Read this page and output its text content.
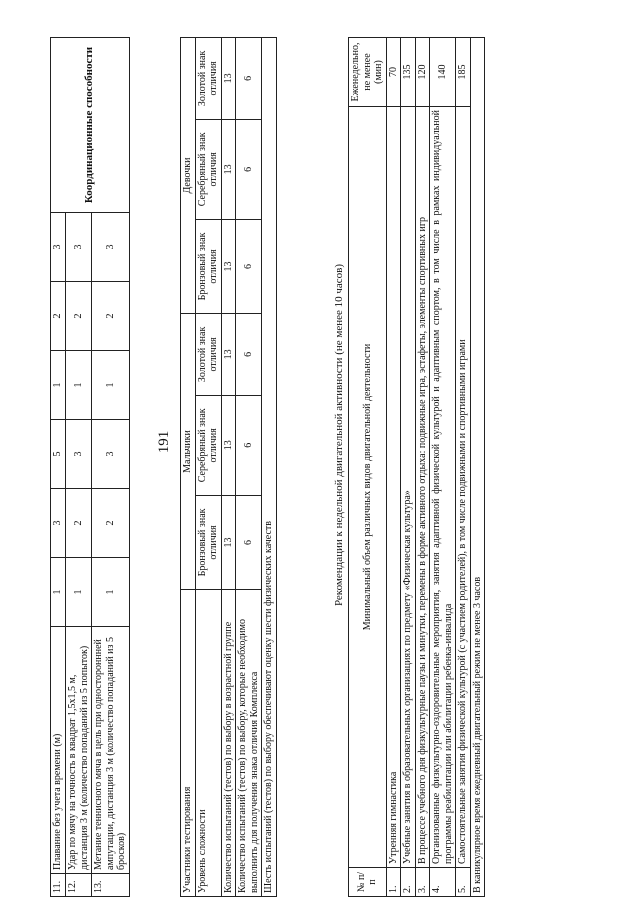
191
11.	Плавание без учета времени (м)	1	3	5	1	2	3	Координационные способности
12.	Удар по мячу на точность в квадрат 1,5х1,5 м, дистанция 3 м (количество попаданий из 5 попыток)	1	2	3	1	2	3	
13.	Метание теннисного мяча в цель при одностороннней ампутации, дистанция 3 м (количество попаданий из 5 бросков)	1	2	3	1	2	3	
Участники тестирования	Мальчики			Девочки		
Уровень сложности	Бронзовый знак отличия	Серебряный знак отличия	Золотой знак отличия	Бронзовый знак отличия	Серебряный знак отличия	Золотой знак отличия
Количество испытаний (тестов) по выбору в возрастной группе	13	13	13	13	13	13
Количество испытаний (тестов) по выбору, которые необходимо выполнить для получения знака отличия Комплекса	6	6	6	6	6	6
Шесть испытаний (тестов) по выбору обеспечивают оценку шести физических качеств						
Рекомендации к недельной двигательной активности (не менее 10 часов)
№ п/п	Минимальный объем различных видов двигательной деятельности	Еженедельно, не менее (мин)
1.	Утренняя гимнастика	70
2.	Учебные занятия в образовательных организациях по предмету «Физическая культура»	135
3.	В процессе учебного дня физкультурные паузы и минутки, перемены в форме активного отдыха: подвижные игра, эстафеты, элементы спортивных игр	120
4.	Организованные физкультурно-оздоровительные мероприятия, занятия адаптивной физической культурой и адаптивным спортом, в том числе в рамках индивидуальной программы реабилитации или абилитации ребенка-инвалида	140
5.	Самостоятельные занятия физической культурой (с участием родителей), в том числе подвижными и спортивными играми	185
В каникулярное время ежедневный двигательный режим не менее 3 часов		
